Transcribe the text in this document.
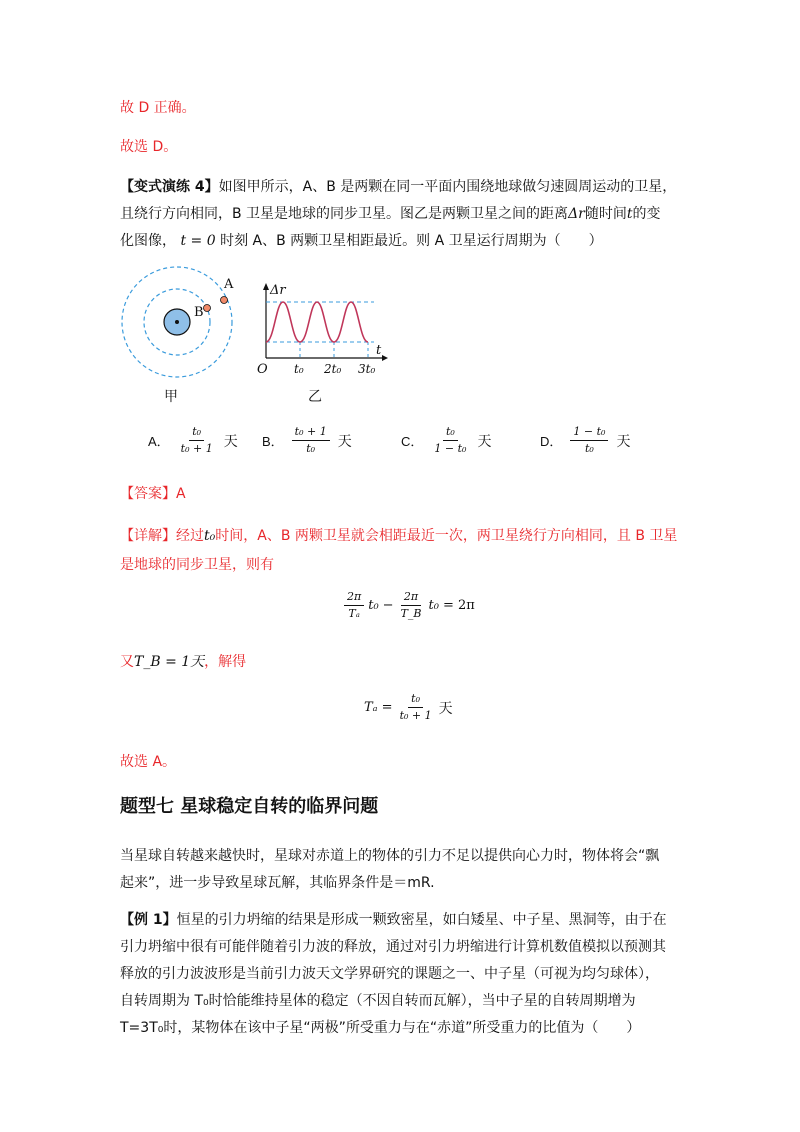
故 D 正确。
故选 D。
【变式演练 4】如图甲所示，A、B 是两颗在同一平面内围绕地球做匀速圆周运动的卫星，
且绕行方向相同，B 卫星是地球的同步卫星。图乙是两颗卫星之间的距离Δr随时间t的变
化图像， t = 0 时刻 A、B 两颗卫星相距最近。则 A 卫星运行周期为（　　）
A
B
甲
Δr
t
O t₀ 2t₀ 3t₀
乙
A． $\frac{\text{t₀}}{\text{t₀ + 1}}$ 天 B． $\frac{\text{t₀ + 1}}{\text{t₀}}$ 天	C． $\frac{\text{t₀}}{\text{1 − t₀}}$ 天	D． $\frac{\text{1 − t₀}}{\text{t₀}}$ 天
【答案】A
【详解】经过t₀时间，A、B 两颗卫星就会相距最近一次，两卫星绕行方向相同，且 B 卫星
是地球的同步卫星，则有
$\frac{2\pi}{\text{Tₐ}} t_0 - \frac{2\pi}{T\_B} t_0 = 2\pi$
又T_B = 1天，解得
$T_a = \frac{\text{t₀}}{\text{t₀ + 1}}$ 天
故选 A。
题型七 星球稳定自转的临界问题
当星球自转越来越快时，星球对赤道上的物体的引力不足以提供向心力时，物体将会“飘
起来”，进一步导致星球瓦解，其临界条件是＝mR.
【例 1】恒星的引力坍缩的结果是形成一颗致密星，如白矮星、中子星、黑洞等，由于在
引力坍缩中很有可能伴随着引力波的释放，通过对引力坍缩进行计算机数值模拟以预测其
释放的引力波波形是当前引力波天文学界研究的课题之一、中子星（可视为均匀球体），
自转周期为 T₀时恰能维持星体的稳定（不因自转而瓦解），当中子星的自转周期增为
T=3T₀时，某物体在该中子星“两极”所受重力与在“赤道”所受重力的比值为（　　）
